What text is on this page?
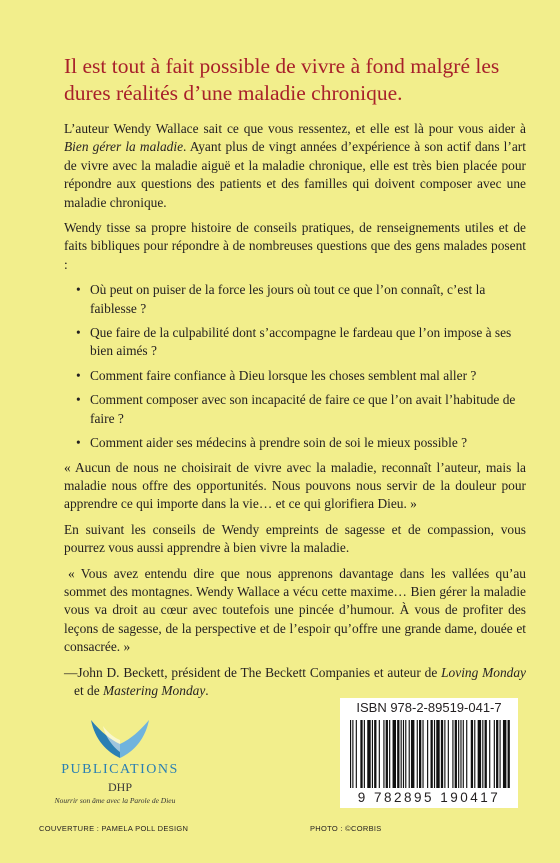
Il est tout à fait possible de vivre à fond malgré les dures réalités d’une maladie chronique.

L’auteur Wendy Wallace sait ce que vous ressentez, et elle est là pour vous aider à Bien gérer la maladie. Ayant plus de vingt années d’expérience à son actif dans l’art de vivre avec la maladie aiguë et la maladie chronique, elle est très bien placée pour répondre aux questions des patients et des familles qui doivent composer avec une maladie chronique.

Wendy tisse sa propre histoire de conseils pratiques, de renseignements utiles et de faits bibliques pour répondre à de nombreuses questions que des gens malades posent :

• Où peut on puiser de la force les jours où tout ce que l’on connaît, c’est la faiblesse ?
• Que faire de la culpabilité dont s’accompagne le fardeau que l’on impose à ses bien aimés ?
• Comment faire confiance à Dieu lorsque les choses semblent mal aller ?
• Comment composer avec son incapacité de faire ce que l’on avait l’habitude de faire ?
• Comment aider ses médecins à prendre soin de soi le mieux possible ?

« Aucun de nous ne choisirait de vivre avec la maladie, reconnaît l’auteur, mais la maladie nous offre des opportunités. Nous pouvons nous servir de la douleur pour apprendre ce qui importe dans la vie… et ce qui glorifiera Dieu. »

En suivant les conseils de Wendy empreints de sagesse et de compassion, vous pourrez vous aussi apprendre à bien vivre la maladie.

« Vous avez entendu dire que nous apprenons davantage dans les vallées qu’au sommet des montagnes. Wendy Wallace a vécu cette maxime… Bien gérer la maladie vous va droit au cœur avec toutefois une pincée d’humour. À vous de profiter des leçons de sagesse, de la perspective et de l’espoir qu’offre une grande dame, douée et consacrée. »

—John D. Beckett, président de The Beckett Companies et auteur de Loving Monday et de Mastering Monday.

PUBLICATIONS
DHP
Nourrir son âme avec la Parole de Dieu
ISBN 978-2-89519-041-7
9 782895 190417
COUVERTURE : PAMELA POLL DESIGN	PHOTO : ©CORBIS
